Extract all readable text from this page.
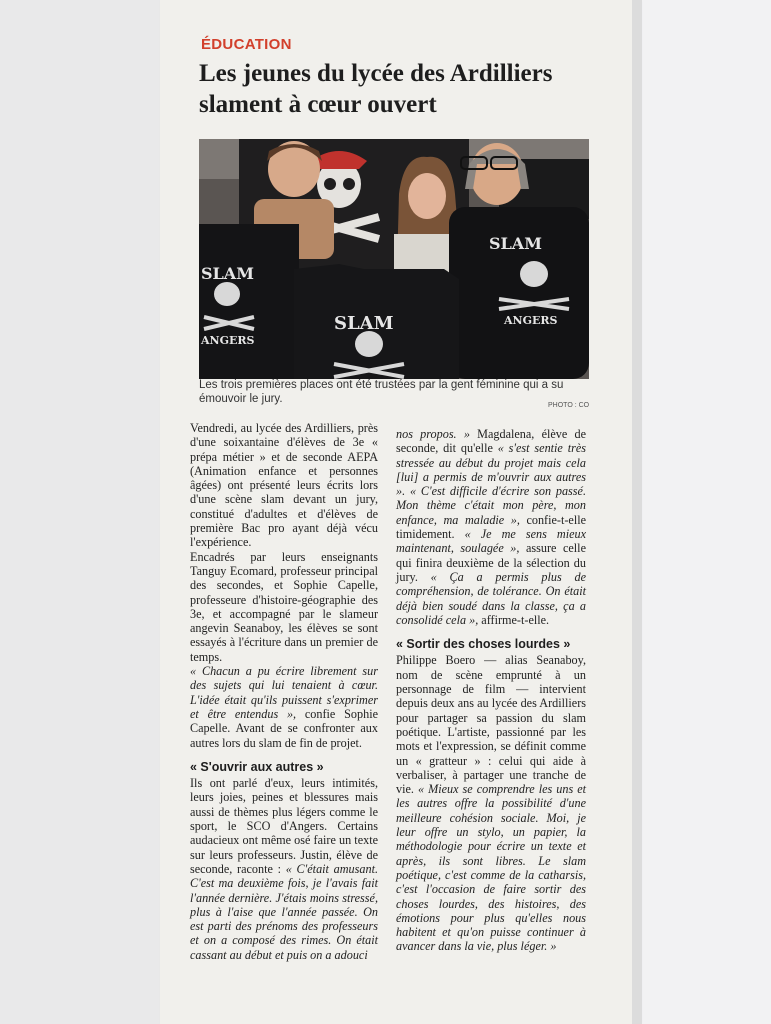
ÉDUCATION
Les jeunes du lycée des Ardilliers slament à cœur ouvert
SLAM
ANGERS
SLAM
SLAM
ANGERS
Les trois premières places ont été trustées par la gent féminine qui a su émouvoir le jury.
PHOTO : CO

Vendredi, au lycée des Ardilliers, près d'une soixantaine d'élèves de 3e « prépa métier » et de seconde AEPA (Animation enfance et personnes âgées) ont présenté leurs écrits lors d'une scène slam devant un jury, constitué d'adultes et d'élèves de première Bac pro ayant déjà vécu l'expérience.

Encadrés par leurs enseignants Tanguy Ecomard, professeur principal des secondes, et Sophie Capelle, professeure d'histoire-géographie des 3e, et accompagné par le slameur angevin Seanaboy, les élèves se sont essayés à l'écriture dans un premier de temps.

« Chacun a pu écrire librement sur des sujets qui lui tenaient à cœur. L'idée était qu'ils puissent s'exprimer et être entendus », confie Sophie Capelle. Avant de se confronter aux autres lors du slam de fin de projet.

« S'ouvrir aux autres »

Ils ont parlé d'eux, leurs intimités, leurs joies, peines et blessures mais aussi de thèmes plus légers comme le sport, le SCO d'Angers. Certains audacieux ont même osé faire un texte sur leurs professeurs. Justin, élève de seconde, raconte : « C'était amusant. C'est ma deuxième fois, je l'avais fait l'année dernière. J'étais moins stressé, plus à l'aise que l'année passée. On est parti des prénoms des professeurs et on a composé des rimes. On était cassant au début et puis on a adouci

nos propos. » Magdalena, élève de seconde, dit qu'elle « s'est sentie très stressée au début du projet mais cela [lui] a permis de m'ouvrir aux autres ». « C'est difficile d'écrire son passé. Mon thème c'était mon père, mon enfance, ma maladie », confie-t-elle timidement. « Je me sens mieux maintenant, soulagée », assure celle qui finira deuxième de la sélection du jury. « Ça a permis plus de compréhension, de tolérance. On était déjà bien soudé dans la classe, ça a consolidé cela », affirme-t-elle.

« Sortir des choses lourdes »

Philippe Boero — alias Seanaboy, nom de scène emprunté à un personnage de film — intervient depuis deux ans au lycée des Ardilliers pour partager sa passion du slam poétique. L'artiste, passionné par les mots et l'expression, se définit comme un « gratteur » : celui qui aide à verbaliser, à partager une tranche de vie. « Mieux se comprendre les uns et les autres offre la possibilité d'une meilleure cohésion sociale. Moi, je leur offre un stylo, un papier, la méthodologie pour écrire un texte et après, ils sont libres. Le slam poétique, c'est comme de la catharsis, c'est l'occasion de faire sortir des choses lourdes, des histoires, des émotions pour plus qu'elles nous habitent et qu'on puisse continuer à avancer dans la vie, plus léger. »
